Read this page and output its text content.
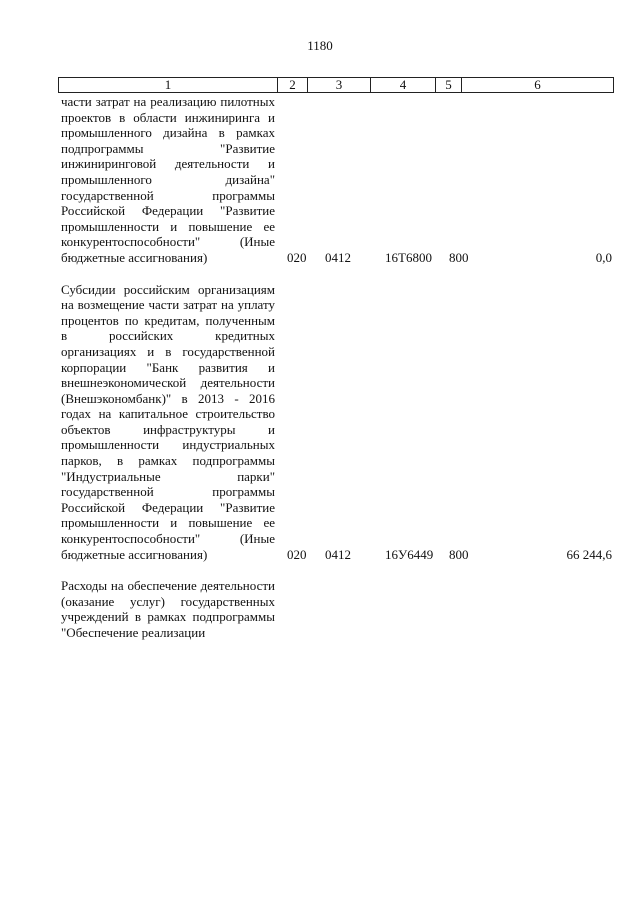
1180
1	2	3	4	5	6
части затрат на реализацию пилотных проектов в области инжиниринга и промышленного дизайна в рамках подпрограммы "Развитие инжиниринговой деятельности и промышленного дизайна" государственной программы Российской Федерации "Развитие промышленности и повышение ее конкурентоспособности" (Иные бюджетные ассигнования)	020	0412	16Т6800	800	0,0
Субсидии российским организациям на возмещение части затрат на уплату процентов по кредитам, полученным в российских кредитных организациях и в государственной корпорации "Банк развития и внешнеэкономической деятельности (Внешэкономбанк)" в 2013 - 2016 годах на капитальное строительство объектов инфраструктуры и промышленности индустриальных парков, в рамках подпрограммы "Индустриальные парки" государственной программы Российской Федерации "Развитие промышленности и повышение ее конкурентоспособности" (Иные бюджетные ассигнования)	020	0412	16У6449	800	66 244,6
Расходы на обеспечение деятельности (оказание услуг) государственных учреждений в рамках подпрограммы "Обеспечение реализации
